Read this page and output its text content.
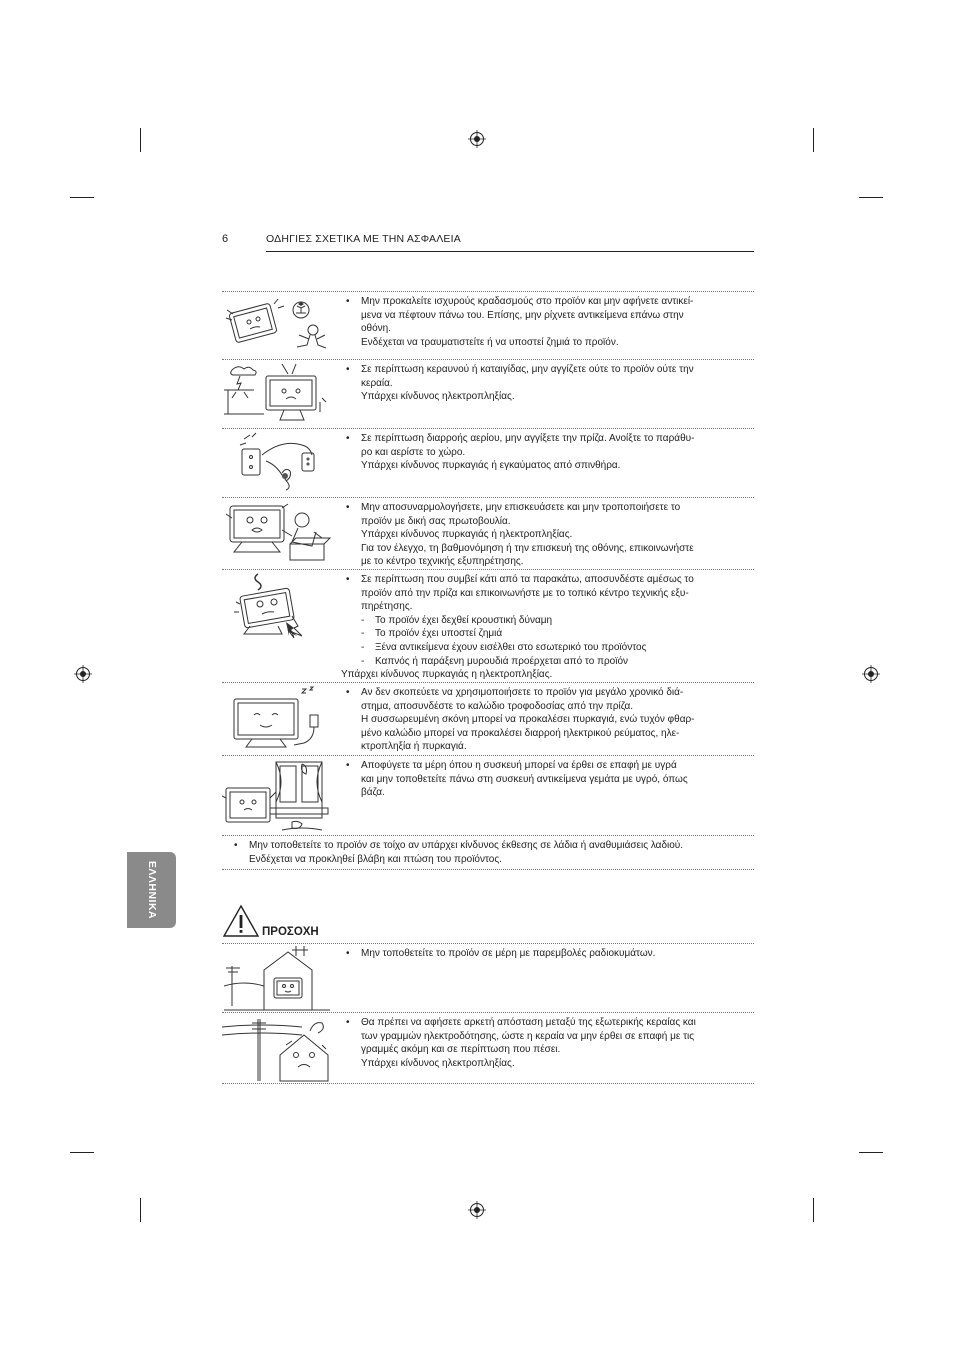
6	ΟΔΗΓΙΕΣ ΣΧΕΤΙΚΑ ΜΕ ΤΗΝ ΑΣΦΑΛΕΙΑ
ΕΛΛΗΝΙΚΑ
• Μην προκαλείτε ισχυρούς κραδασμούς στο προϊόν και μην αφήνετε αντικεί-
μενα να πέφτουν πάνω του. Επίσης, μην ρίχνετε αντικείμενα επάνω στην
οθόνη.
Ενδέχεται να τραυματιστείτε ή να υποστεί ζημιά το προϊόν.
• Σε περίπτωση κεραυνού ή καταιγίδας, μην αγγίζετε ούτε το προϊόν ούτε την
κεραία.
Υπάρχει κίνδυνος ηλεκτροπληξίας.
• Σε περίπτωση διαρροής αερίου, μην αγγίξετε την πρίζα. Ανοίξτε το παράθυ-
ρο και αερίστε το χώρο.
Υπάρχει κίνδυνος πυρκαγιάς ή εγκαύματος από σπινθήρα.
• Μην αποσυναρμολογήσετε, μην επισκευάσετε και μην τροποποιήσετε το
προϊόν με δική σας πρωτοβουλία.
Υπάρχει κίνδυνος πυρκαγιάς ή ηλεκτροπληξίας.
Για τον έλεγχο, τη βαθμονόμηση ή την επισκευή της οθόνης, επικοινωνήστε
με το κέντρο τεχνικής εξυπηρέτησης.
• Σε περίπτωση που συμβεί κάτι από τα παρακάτω, αποσυνδέστε αμέσως το
προϊόν από την πρίζα και επικοινωνήστε με το τοπικό κέντρο τεχνικής εξυ-
πηρέτησης.
- Το προϊόν έχει δεχθεί κρουστική δύναμη
- Το προϊόν έχει υποστεί ζημιά
- Ξένα αντικείμενα έχουν εισέλθει στο εσωτερικό του προϊόντος
- Καπνός ή παράξενη μυρουδιά προέρχεται από το προϊόν
Υπάρχει κίνδυνος πυρκαγιάς η ηλεκτροπληξίας.
• Αν δεν σκοπεύετε να χρησιμοποιήσετε το προϊόν για μεγάλο χρονικό διά-
στημα, αποσυνδέστε το καλώδιο τροφοδοσίας από την πρίζα.
Η συσσωρευμένη σκόνη μπορεί να προκαλέσει πυρκαγιά, ενώ τυχόν φθαρ-
μένο καλώδιο μπορεί να προκαλέσει διαρροή ηλεκτρικού ρεύματος, ηλε-
κτροπληξία ή πυρκαγιά.
• Αποφύγετε τα μέρη όπου η συσκευή μπορεί να έρθει σε επαφή με υγρά
και μην τοποθετείτε πάνω στη συσκευή αντικείμενα γεμάτα με υγρό, όπως
βάζα.
• Μην τοποθετείτε το προϊόν σε τοίχο αν υπάρχει κίνδυνος έκθεσης σε λάδια ή αναθυμιάσεις λαδιού.
Ενδέχεται να προκληθεί βλάβη και πτώση του προϊόντος.
ΠΡΟΣΟΧΗ
• Μην τοποθετείτε το προϊόν σε μέρη με παρεμβολές ραδιοκυμάτων.
• Θα πρέπει να αφήσετε αρκετή απόσταση μεταξύ της εξωτερικής κεραίας και
των γραμμών ηλεκτροδότησης, ώστε η κεραία να μην έρθει σε επαφή με τις
γραμμές ακόμη και σε περίπτωση που πέσει.
Υπάρχει κίνδυνος ηλεκτροπληξίας.
